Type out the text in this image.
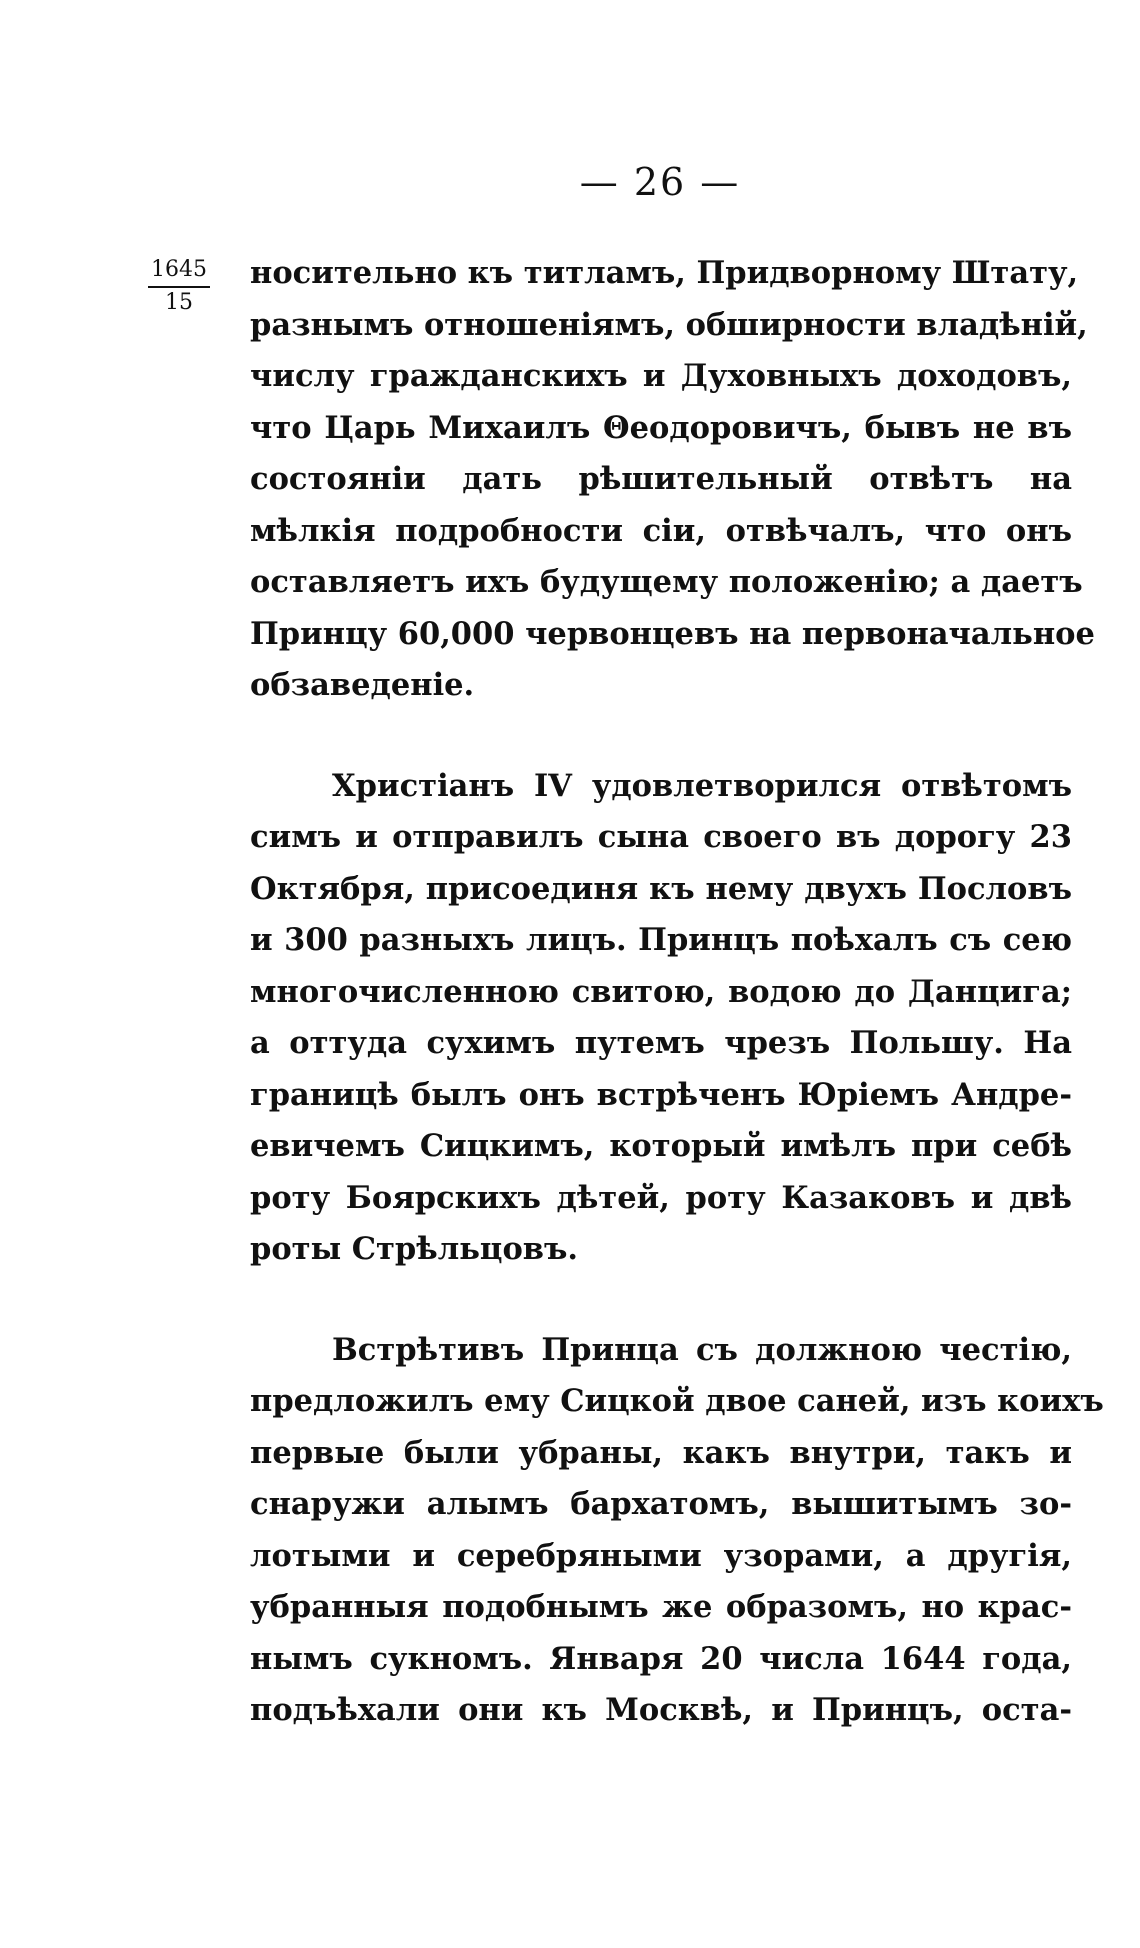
— 26 —
1645
15
носительно къ титламъ, Придворному Штату,
разнымъ отношеніямъ, обширности владѣній,
числу гражданскихъ и Духовныхъ доходовъ,
что Царь Михаилъ Θеодоровичъ, бывъ не въ
состояніи дать рѣшительный отвѣтъ на
мѣлкія подробности сіи, отвѣчалъ, что онъ
оставляетъ ихъ будущему положенію; а даетъ
Принцу 60,000 червонцевъ на первоначальное
обзаведеніе.
Христіанъ IV удовлетворился отвѣтомъ
симъ и отправилъ сына своего въ дорогу 23
Октября, присоединя къ нему двухъ Пословъ
и 300 разныхъ лицъ. Принцъ поѣхалъ съ сею
многочисленною свитою, водою до Данцига;
а оттуда сухимъ путемъ чрезъ Польшу. На
границѣ былъ онъ встрѣченъ Юріемъ Андре-
евичемъ Сицкимъ, который имѣлъ при себѣ
роту Боярскихъ дѣтей, роту Казаковъ и двѣ
роты Стрѣльцовъ.
Встрѣтивъ Принца съ должною честію,
предложилъ ему Сицкой двое саней, изъ коихъ
первые были убраны, какъ внутри, такъ и
снаружи алымъ бархатомъ, вышитымъ зо-
лотыми и серебряными узорами, а другія,
убранныя подобнымъ же образомъ, но крас-
нымъ сукномъ. Января 20 числа 1644 года,
подъѣхали они къ Москвѣ, и Принцъ, оста-
